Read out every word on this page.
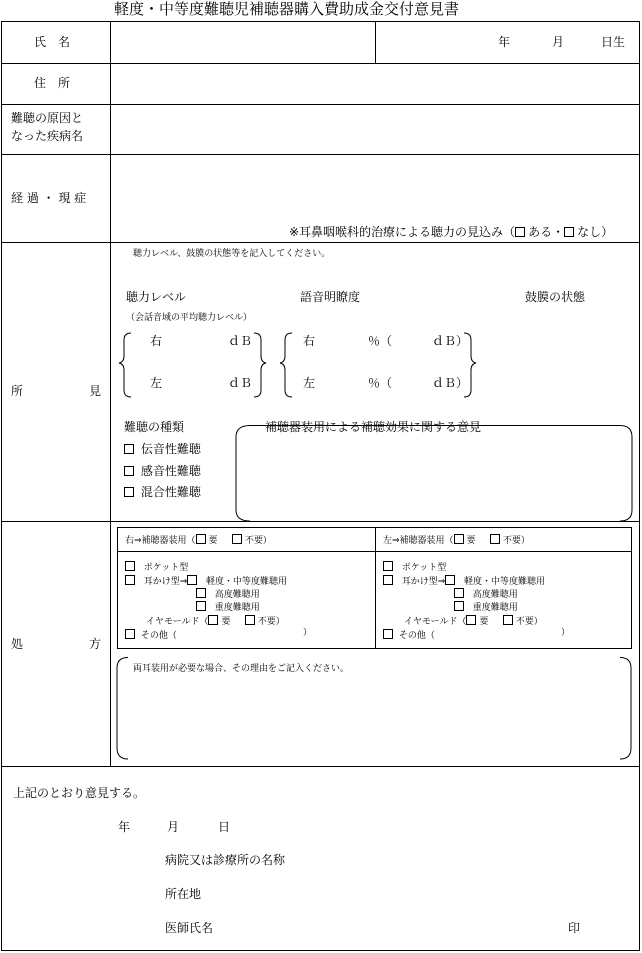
軽度・中等度難聴児補聴器購入費助成金交付意見書
氏　名	年	月	日生
住　所
難聴の原因と
なった疾病名
経 過 ・ 現 症
※耳鼻咽喉科的治療による聴力の見込み（ ある・ なし）
所	見
聴力レベル、鼓膜の状態等を記入してください。
聴力レベル	語音明瞭度	鼓膜の状態
（会話音域の平均聴力レベル）
右	ｄＢ
左	ｄＢ
右	％（	ｄＢ）
左	％（	ｄＢ）
難聴の種類
伝音性難聴
感音性難聴
混合性難聴
補聴器装用による補聴効果に関する意見
処	方
右⇒補聴器装用（ 要	不要）
ポケット型
耳かけ型⇒ 軽度・中等度難聴用
高度難聴用
重度難聴用
イヤモールド（ 要	不要）
その他（	）
左⇒補聴器装用（ 要	不要）
ポケット型
耳かけ型⇒ 軽度・中等度難聴用
高度難聴用
重度難聴用
イヤモールド（ 要	不要）
その他（	）
両耳装用が必要な場合、その理由をご記入ください。
上記のとおり意見する。
年	月	日
病院又は診療所の名称
所在地
医師氏名	印
